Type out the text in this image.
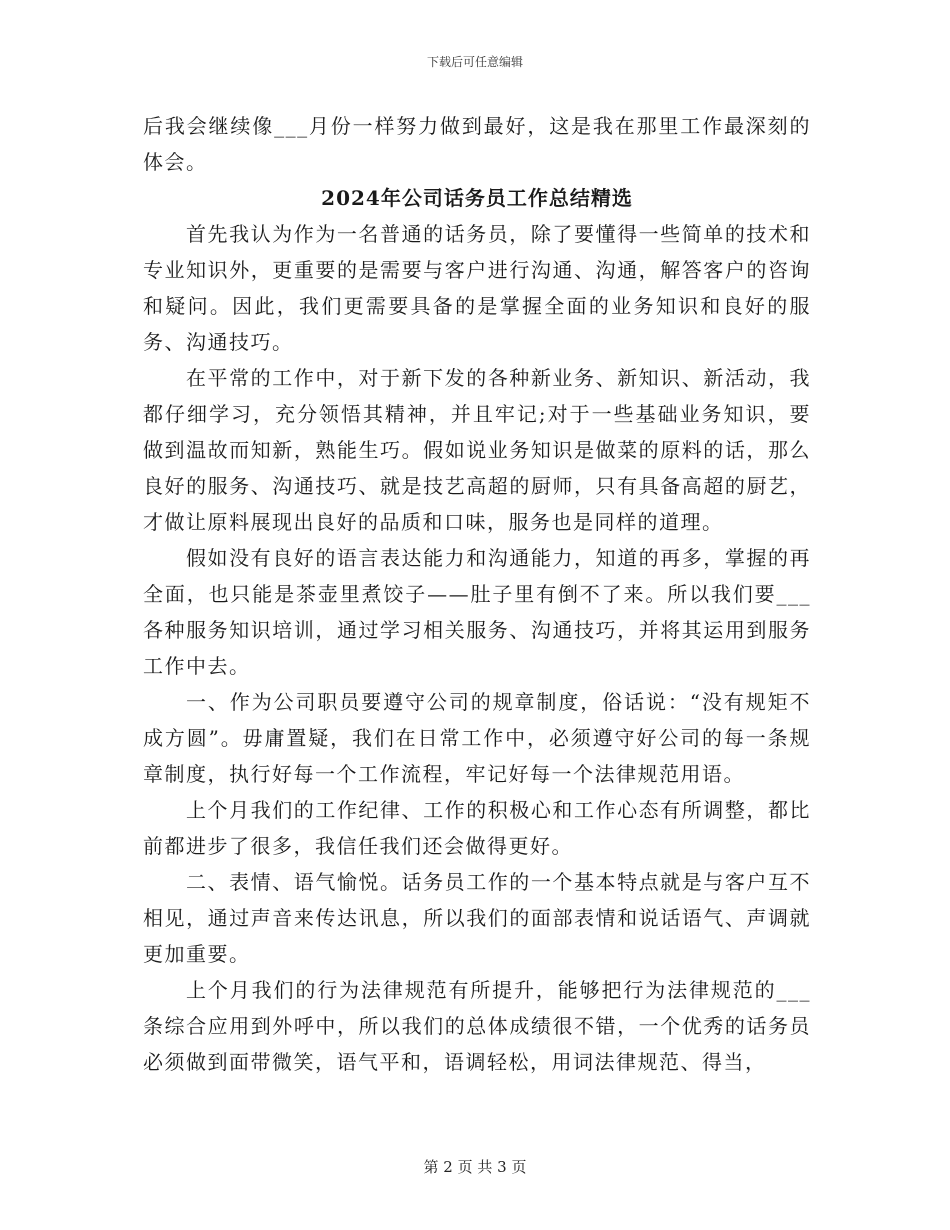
下载后可任意编辑

后我会继续像___月份一样努力做到最好，这是我在那里工作最深刻的体会。

2024年公司话务员工作总结精选

首先我认为作为一名普通的话务员，除了要懂得一些简单的技术和专业知识外，更重要的是需要与客户进行沟通、沟通，解答客户的咨询和疑问。因此，我们更需要具备的是掌握全面的业务知识和良好的服务、沟通技巧。

在平常的工作中，对于新下发的各种新业务、新知识、新活动，我都仔细学习，充分领悟其精神，并且牢记;对于一些基础业务知识，要做到温故而知新，熟能生巧。假如说业务知识是做菜的原料的话，那么良好的服务、沟通技巧、就是技艺高超的厨师，只有具备高超的厨艺，才做让原料展现出良好的品质和口味，服务也是同样的道理。

假如没有良好的语言表达能力和沟通能力，知道的再多，掌握的再全面，也只能是茶壶里煮饺子——肚子里有倒不了来。所以我们要___各种服务知识培训，通过学习相关服务、沟通技巧，并将其运用到服务工作中去。

一、作为公司职员要遵守公司的规章制度，俗话说：“没有规矩不成方圆”。毋庸置疑，我们在日常工作中，必须遵守好公司的每一条规章制度，执行好每一个工作流程，牢记好每一个法律规范用语。

上个月我们的工作纪律、工作的积极心和工作心态有所调整，都比前都进步了很多，我信任我们还会做得更好。

二、表情、语气愉悦。话务员工作的一个基本特点就是与客户互不相见，通过声音来传达讯息，所以我们的面部表情和说话语气、声调就更加重要。

上个月我们的行为法律规范有所提升，能够把行为法律规范的___条综合应用到外呼中，所以我们的总体成绩很不错，一个优秀的话务员必须做到面带微笑，语气平和，语调轻松，用词法律规范、得当，

第 2 页 共 3 页
